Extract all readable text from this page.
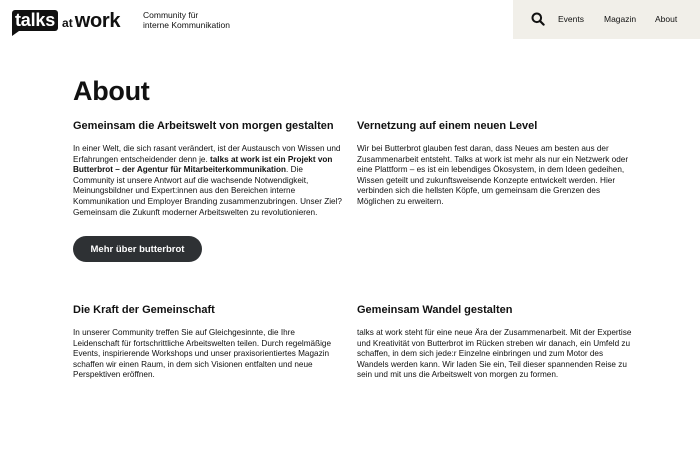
talks at work	Community für
interne Kommunikation
Events Magazin About
About
Gemeinsam die Arbeitswelt von morgen gestalten

In einer Welt, die sich rasant verändert, ist der Austausch von Wissen und Erfahrungen entscheidender denn je. talks at work ist ein Projekt von Butterbrot – der Agentur für Mitarbeiterkommunikation. Die Community ist unsere Antwort auf die wachsende Notwendigkeit, Meinungsbildner und Expert:innen aus den Bereichen interne Kommunikation und Employer Branding zusammenzubringen. Unser Ziel? Gemeinsam die Zukunft moderner Arbeitswelten zu revolutionieren.

Mehr über butterbrot
Vernetzung auf einem neuen Level

Wir bei Butterbrot glauben fest daran, dass Neues am besten aus der Zusammenarbeit entsteht. Talks at work ist mehr als nur ein Netzwerk oder eine Plattform – es ist ein lebendiges Ökosystem, in dem Ideen gedeihen, Wissen geteilt und zukunftsweisende Konzepte entwickelt werden. Hier verbinden sich die hellsten Köpfe, um gemeinsam die Grenzen des Möglichen zu erweitern.

Die Kraft der Gemeinschaft

In unserer Community treffen Sie auf Gleichgesinnte, die Ihre Leidenschaft für fortschrittliche Arbeitswelten teilen. Durch regelmäßige Events, inspirierende Workshops und unser praxisorientiertes Magazin schaffen wir einen Raum, in dem sich Visionen entfalten und neue Perspektiven eröffnen.

Gemeinsam Wandel gestalten

talks at work steht für eine neue Ära der Zusammenarbeit. Mit der Expertise und Kreativität von Butterbrot im Rücken streben wir danach, ein Umfeld zu schaffen, in dem sich jede:r Einzelne einbringen und zum Motor des Wandels werden kann. Wir laden Sie ein, Teil dieser spannenden Reise zu sein und mit uns die Arbeitswelt von morgen zu formen.
